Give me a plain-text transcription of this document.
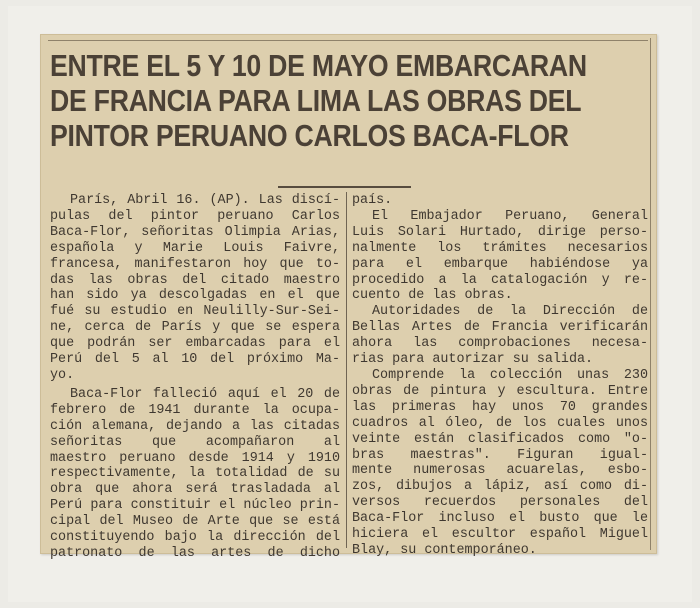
ENTRE EL 5 Y 10 DE MAYO EMBARCARAN
DE FRANCIA PARA LIMA LAS OBRAS DEL
PINTOR PERUANO CARLOS BACA-FLOR
París, Abril 16. (AP). Las discí-
pulas del pintor peruano Carlos
Baca-Flor, señoritas Olimpia Arias,
española y Marie Louis Faivre,
francesa, manifestaron hoy que to-
das las obras del citado maestro
han sido ya descolgadas en el que
fué su estudio en Neulilly-Sur-Sei-
ne, cerca de París y que se espera
que podrán ser embarcadas para el
Perú del 5 al 10 del próximo Ma-
yo.
Baca-Flor falleció aquí el 20 de
febrero de 1941 durante la ocupa-
ción alemana, dejando a las citadas
señoritas que acompañaron al
maestro peruano desde 1914 y 1910
respectivamente, la totalidad de su
obra que ahora será trasladada al
Perú para constituir el núcleo prin-
cipal del Museo de Arte que se está
constituyendo bajo la dirección del
patronato de las artes de dicho
país.
El Embajador Peruano, General
Luis Solari Hurtado, dirige perso-
nalmente los trámites necesarios
para el embarque habiéndose ya
procedido a la catalogación y re-
cuento de las obras.
Autoridades de la Dirección de
Bellas Artes de Francia verificarán
ahora las comprobaciones necesa-
rias para autorizar su salida.
Comprende la colección unas 230
obras de pintura y escultura. Entre
las primeras hay unos 70 grandes
cuadros al óleo, de los cuales unos
veinte están clasificados como "o-
bras maestras". Figuran igual-
mente numerosas acuarelas, esbo-
zos, dibujos a lápiz, así como di-
versos recuerdos personales del
Baca-Flor incluso el busto que le
hiciera el escultor español Miguel
Blay, su contemporáneo.
